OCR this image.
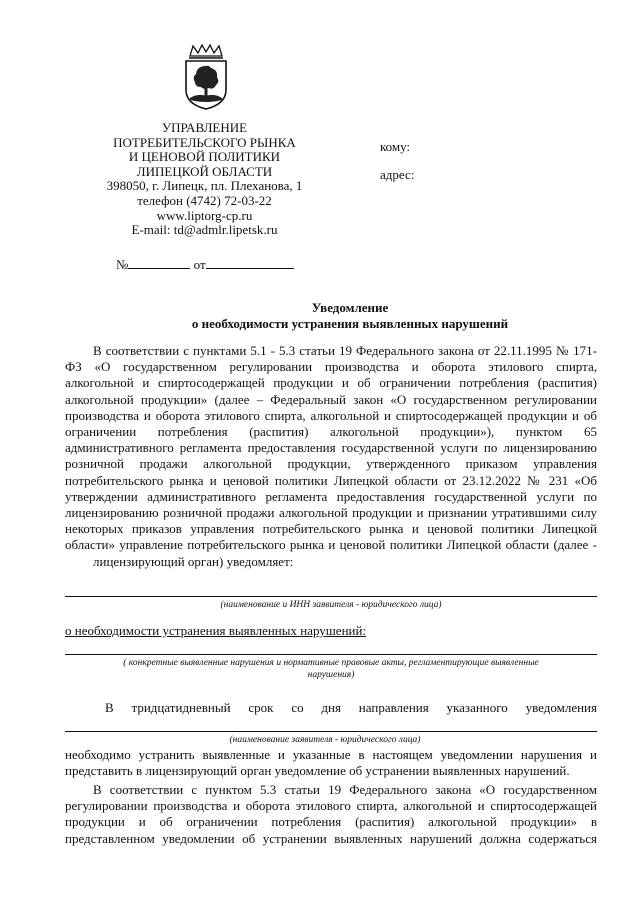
УПРАВЛЕНИЕ
ПОТРЕБИТЕЛЬСКОГО РЫНКА
И ЦЕНОВОЙ ПОЛИТИКИ
ЛИПЕЦКОЙ ОБЛАСТИ
398050, г. Липецк, пл. Плеханова, 1
телефон (4742) 72-03-22
www.liptorg-cp.ru
E-mail: td@admlr.lipetsk.ru
кому:
адрес:
№	от
Уведомление
о необходимости устранения выявленных нарушений
В соответствии с пунктами 5.1 - 5.3 статьи 19 Федерального закона от 22.11.1995 № 171-
ФЗ «О государственном регулировании производства и оборота этилового спирта,
алкогольной и спиртосодержащей продукции и об ограничении потребления (распития)
алкогольной продукции» (далее – Федеральный закон «О государственном регулировании
производства и оборота этилового спирта, алкогольной и спиртосодержащей продукции и об
ограничении потребления (распития) алкогольной продукции»), пунктом 65
административного регламента предоставления государственной услуги по лицензированию
розничной продажи алкогольной продукции, утвержденного приказом управления
потребительского рынка и ценовой политики Липецкой области от 23.12.2022 № 231 «Об
утверждении административного регламента предоставления государственной услуги по
лицензированию розничной продажи алкогольной продукции и признании утратившими силу
некоторых приказов управления потребительского рынка и ценовой политики Липецкой
области» управление потребительского рынка и ценовой политики Липецкой области (далее -
лицензирующий орган) уведомляет:
(наименование и ИНН заявителя - юридического лица)
о необходимости устранения выявленных нарушений:
( конкретные выявленные нарушения и нормативные правовые акты, регламентирующие выявленные
нарушения)
В тридцатидневный срок со дня направления указанного уведомления
(наименование заявителя - юридического лица)
необходимо устранить выявленные и указанные в настоящем уведомлении нарушения и
представить в лицензирующий орган уведомление об устранении выявленных нарушений.
В соответствии с пунктом 5.3 статьи 19 Федерального закона «О государственном
регулировании производства и оборота этилового спирта, алкогольной и спиртосодержащей
продукции и об ограничении потребления (распития) алкогольной продукции» в
представленном уведомлении об устранении выявленных нарушений должна содержаться
